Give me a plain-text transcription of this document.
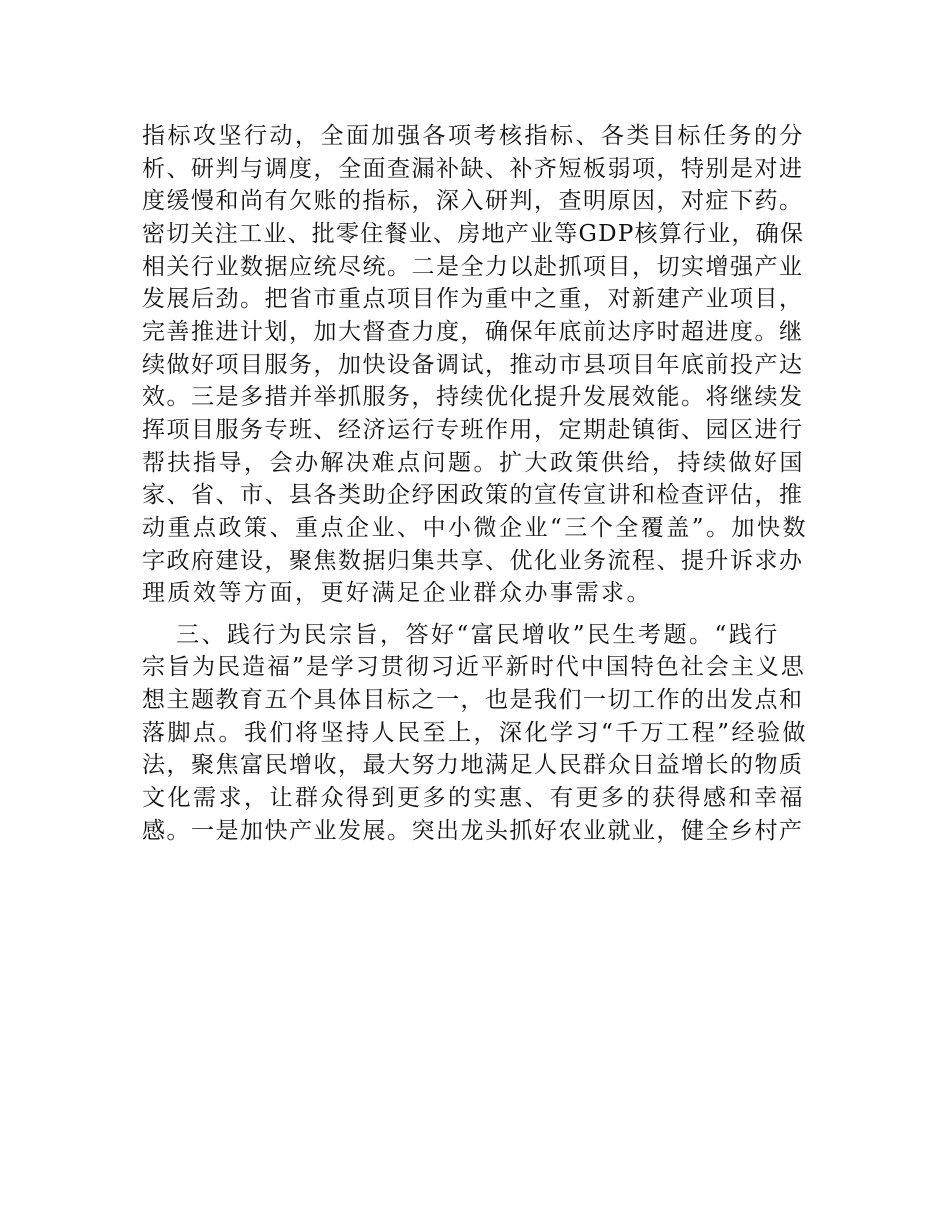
指标攻坚行动，全面加强各项考核指标、各类目标任务的分
析、研判与调度，全面查漏补缺、补齐短板弱项，特别是对进
度缓慢和尚有欠账的指标，深入研判，查明原因，对症下药。
密切关注工业、批零住餐业、房地产业等GDP核算行业，确保
相关行业数据应统尽统。二是全力以赴抓项目，切实增强产业
发展后劲。把省市重点项目作为重中之重，对新建产业项目，
完善推进计划，加大督查力度，确保年底前达序时超进度。继
续做好项目服务，加快设备调试，推动市县项目年底前投产达
效。三是多措并举抓服务，持续优化提升发展效能。将继续发
挥项目服务专班、经济运行专班作用，定期赴镇街、园区进行
帮扶指导，会办解决难点问题。扩大政策供给，持续做好国
家、省、市、县各类助企纾困政策的宣传宣讲和检查评估，推
动重点政策、重点企业、中小微企业“三个全覆盖”。加快数
字政府建设，聚焦数据归集共享、优化业务流程、提升诉求办
理质效等方面，更好满足企业群众办事需求。
三、践行为民宗旨，答好“富民增收”民生考题。“践行
宗旨为民造福”是学习贯彻习近平新时代中国特色社会主义思
想主题教育五个具体目标之一，也是我们一切工作的出发点和
落脚点。我们将坚持人民至上，深化学习“千万工程”经验做
法，聚焦富民增收，最大努力地满足人民群众日益增长的物质
文化需求，让群众得到更多的实惠、有更多的获得感和幸福
感。一是加快产业发展。突出龙头抓好农业就业，健全乡村产
